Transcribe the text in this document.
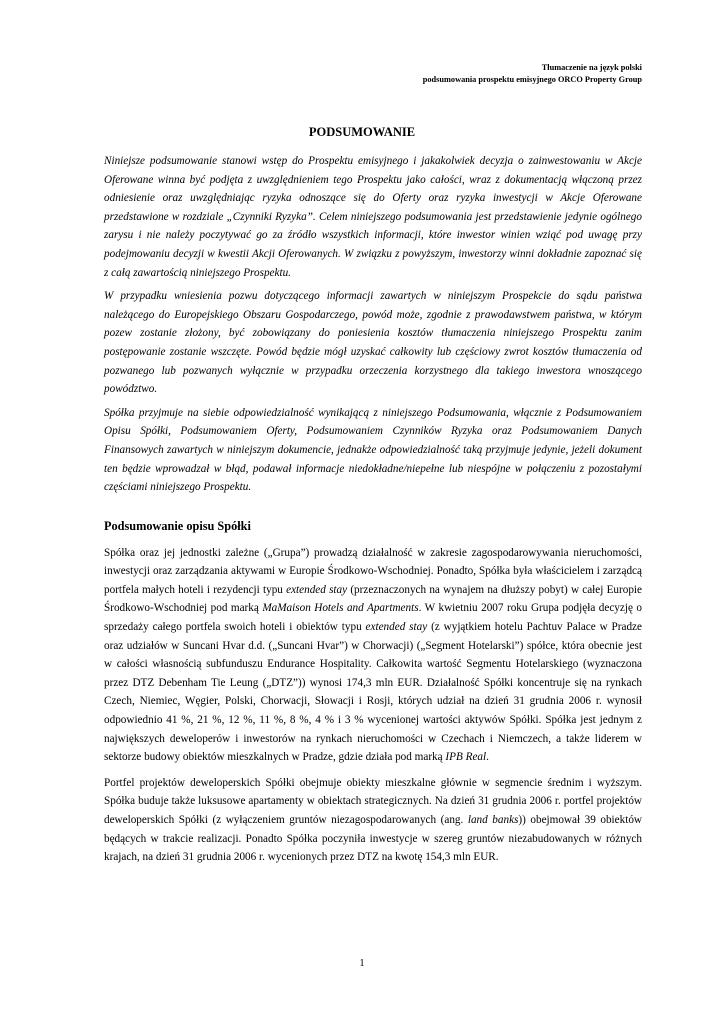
Tłumaczenie na język polski
podsumowania prospektu emisyjnego ORCO Property Group
PODSUMOWANIE

Niniejsze podsumowanie stanowi wstęp do Prospektu emisyjnego i jakakolwiek decyzja o zainwestowaniu w Akcje Oferowane winna być podjęta z uwzględnieniem tego Prospektu jako całości, wraz z dokumentacją włączoną przez odniesienie oraz uwzględniając ryzyka odnoszące się do Oferty oraz ryzyka inwestycji w Akcje Oferowane przedstawione w rozdziale „Czynniki Ryzyka”. Celem niniejszego podsumowania jest przedstawienie jedynie ogólnego zarysu i nie należy poczytywać go za źródło wszystkich informacji, które inwestor winien wziąć pod uwagę przy podejmowaniu decyzji w kwestii Akcji Oferowanych. W związku z powyższym, inwestorzy winni dokładnie zapoznać się z całą zawartością niniejszego Prospektu.

W przypadku wniesienia pozwu dotyczącego informacji zawartych w niniejszym Prospekcie do sądu państwa należącego do Europejskiego Obszaru Gospodarczego, powód może, zgodnie z prawodawstwem państwa, w którym pozew zostanie złożony, być zobowiązany do poniesienia kosztów tłumaczenia niniejszego Prospektu zanim postępowanie zostanie wszczęte. Powód będzie mógł uzyskać całkowity lub częściowy zwrot kosztów tłumaczenia od pozwanego lub pozwanych wyłącznie w przypadku orzeczenia korzystnego dla takiego inwestora wnoszącego powództwo.

Spółka przyjmuje na siebie odpowiedzialność wynikającą z niniejszego Podsumowania, włącznie z Podsumowaniem Opisu Spółki, Podsumowaniem Oferty, Podsumowaniem Czynników Ryzyka oraz Podsumowaniem Danych Finansowych zawartych w niniejszym dokumencie, jednakże odpowiedzialność taką przyjmuje jedynie, jeżeli dokument ten będzie wprowadzał w błąd, podawał informacje niedokładne/niepełne lub niespójne w połączeniu z pozostałymi częściami niniejszego Prospektu.

Podsumowanie opisu Spółki

Spółka oraz jej jednostki zależne („Grupa”) prowadzą działalność w zakresie zagospodarowywania nieruchomości, inwestycji oraz zarządzania aktywami w Europie Środkowo-Wschodniej. Ponadto, Spółka była właścicielem i zarządcą portfela małych hoteli i rezydencji typu extended stay (przeznaczonych na wynajem na dłuższy pobyt) w całej Europie Środkowo-Wschodniej pod marką MaMaison Hotels and Apartments. W kwietniu 2007 roku Grupa podjęła decyzję o sprzedaży całego portfela swoich hoteli i obiektów typu extended stay (z wyjątkiem hotelu Pachtuv Palace w Pradze oraz udziałów w Suncani Hvar d.d. („Suncani Hvar”) w Chorwacji) („Segment Hotelarski”) spółce, która obecnie jest w całości własnością subfunduszu Endurance Hospitality. Całkowita wartość Segmentu Hotelarskiego (wyznaczona przez DTZ Debenham Tie Leung („DTZ”)) wynosi 174,3 mln EUR. Działalność Spółki koncentruje się na rynkach Czech, Niemiec, Węgier, Polski, Chorwacji, Słowacji i Rosji, których udział na dzień 31 grudnia 2006 r. wynosił odpowiednio 41 %, 21 %, 12 %, 11 %, 8 %, 4 % i 3 % wycenionej wartości aktywów Spółki. Spółka jest jednym z największych deweloperów i inwestorów na rynkach nieruchomości w Czechach i Niemczech, a także liderem w sektorze budowy obiektów mieszkalnych w Pradze, gdzie działa pod marką IPB Real.

Portfel projektów deweloperskich Spółki obejmuje obiekty mieszkalne głównie w segmencie średnim i wyższym. Spółka buduje także luksusowe apartamenty w obiektach strategicznych. Na dzień 31 grudnia 2006 r. portfel projektów deweloperskich Spółki (z wyłączeniem gruntów niezagospodarowanych (ang. land banks)) obejmował 39 obiektów będących w trakcie realizacji. Ponadto Spółka poczyniła inwestycje w szereg gruntów niezabudowanych w różnych krajach, na dzień 31 grudnia 2006 r. wycenionych przez DTZ na kwotę 154,3 mln EUR.

1
